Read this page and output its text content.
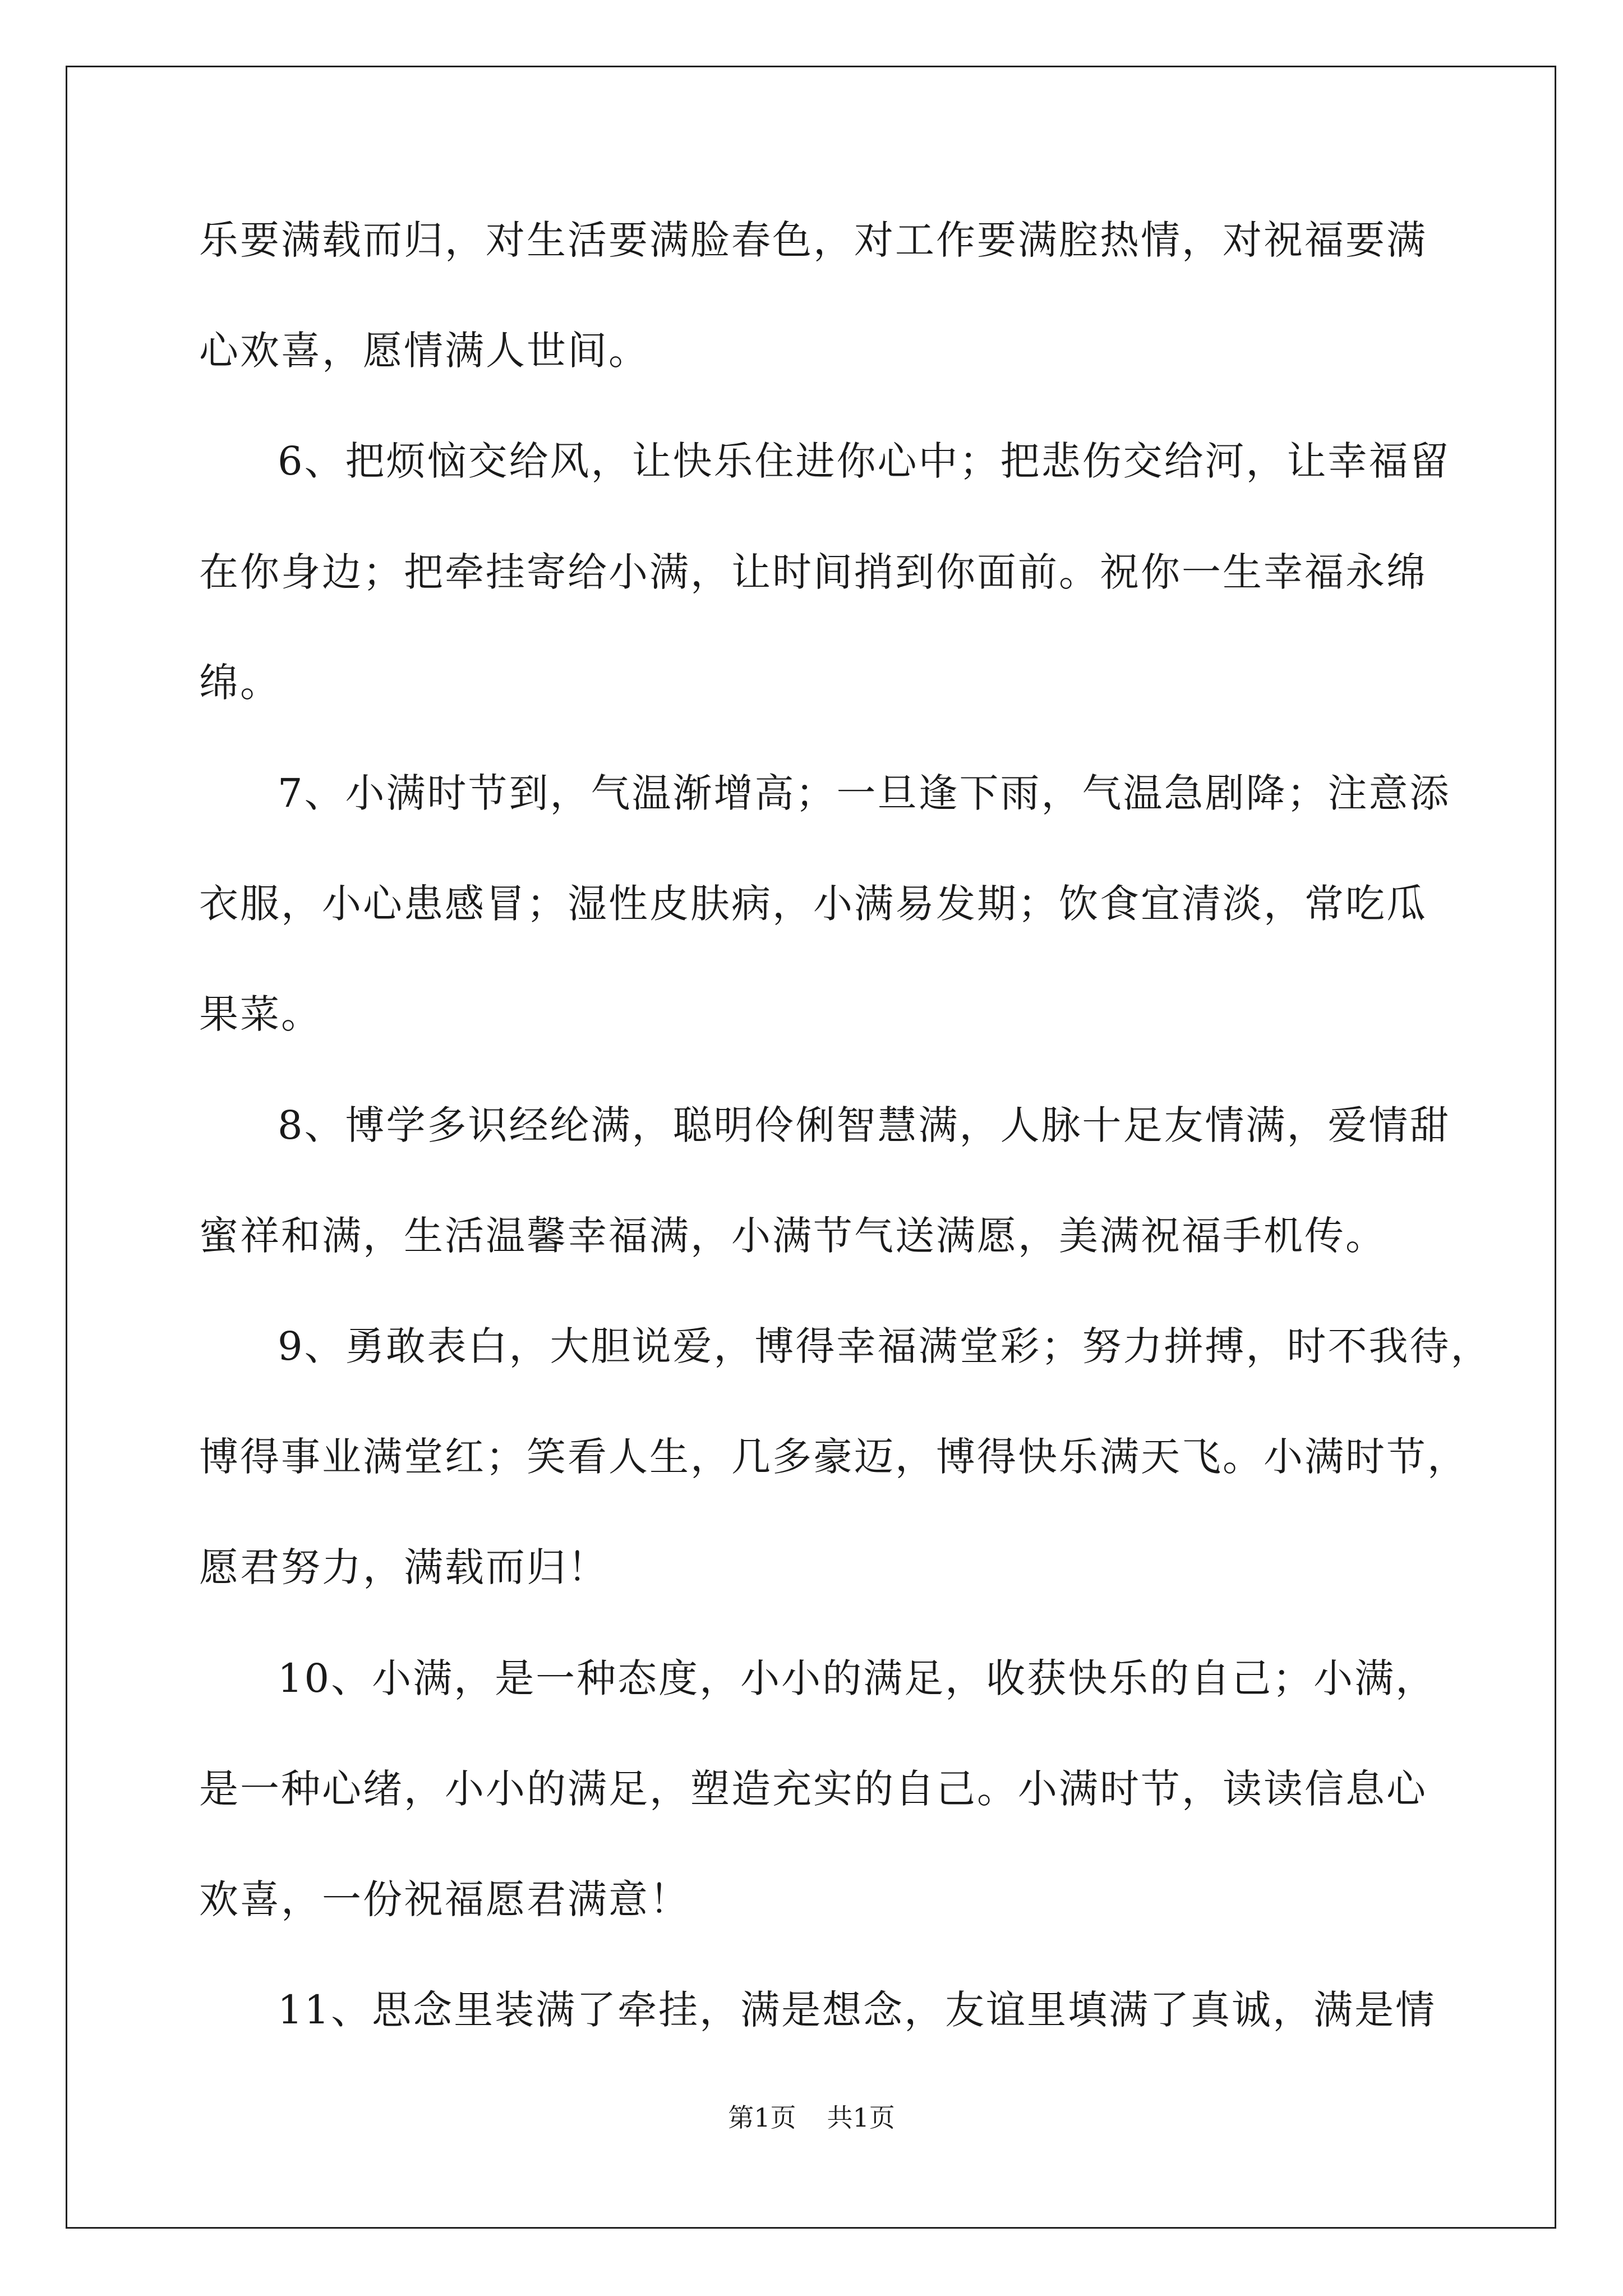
乐要满载而归，对生活要满脸春色，对工作要满腔热情，对祝福要满
心欢喜，愿情满人世间。
6、把烦恼交给风，让快乐住进你心中；把悲伤交给河，让幸福留
在你身边；把牵挂寄给小满，让时间捎到你面前。祝你一生幸福永绵
绵。
7、小满时节到，气温渐增高；一旦逢下雨，气温急剧降；注意添
衣服，小心患感冒；湿性皮肤病，小满易发期；饮食宜清淡，常吃瓜
果菜。
8、博学多识经纶满，聪明伶俐智慧满，人脉十足友情满，爱情甜
蜜祥和满，生活温馨幸福满，小满节气送满愿，美满祝福手机传。
9、勇敢表白，大胆说爱，博得幸福满堂彩；努力拼搏，时不我待，
博得事业满堂红；笑看人生，几多豪迈，博得快乐满天飞。小满时节，
愿君努力，满载而归！
10、小满，是一种态度，小小的满足，收获快乐的自己；小满，
是一种心绪，小小的满足，塑造充实的自己。小满时节，读读信息心
欢喜，一份祝福愿君满意！
11、思念里装满了牵挂，满是想念，友谊里填满了真诚，满是情
第1页 共1页
